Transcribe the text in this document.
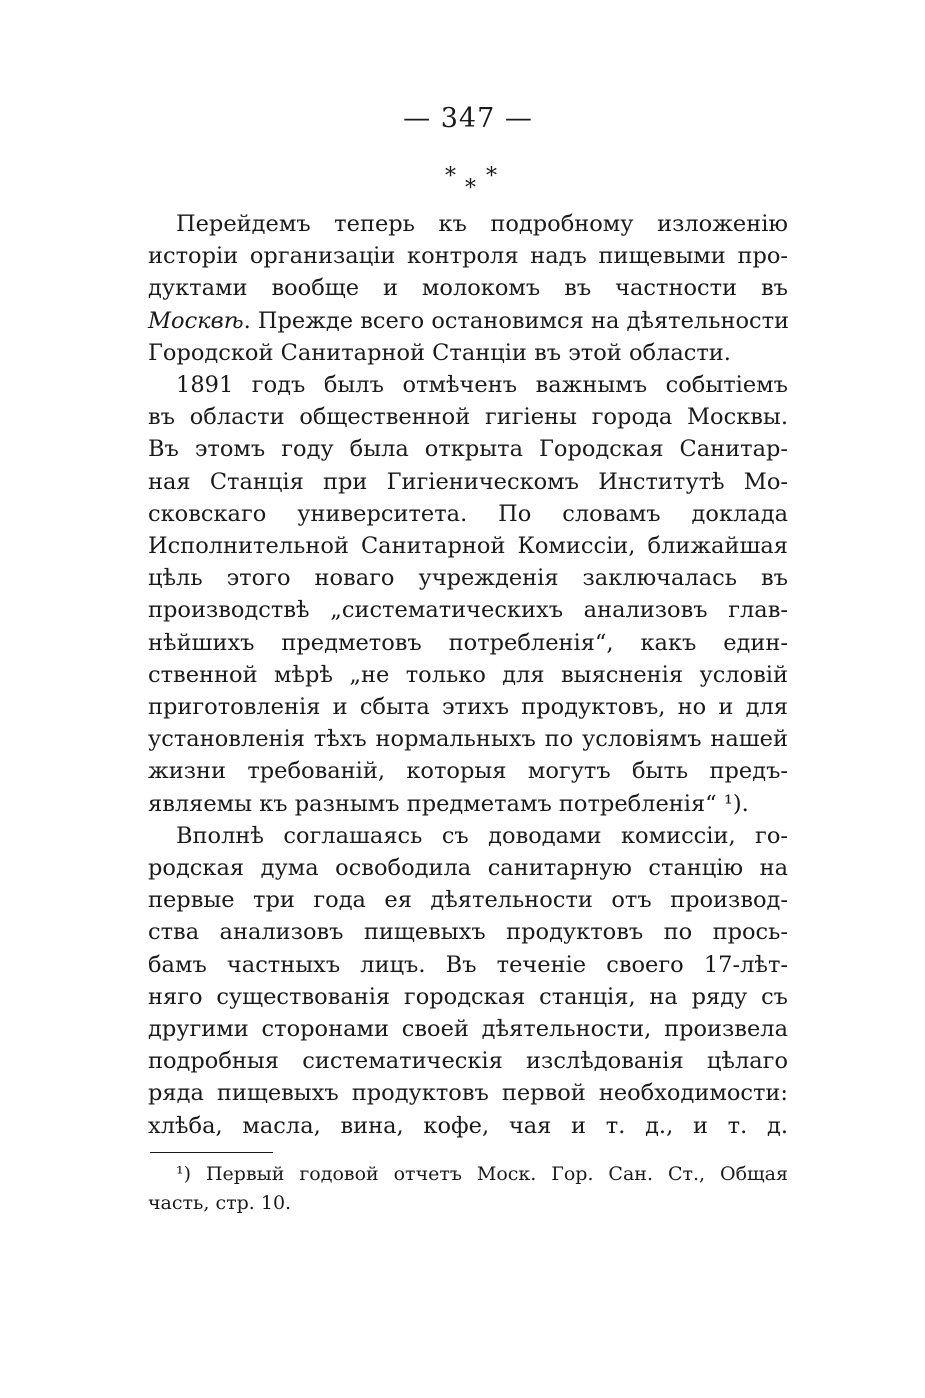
— 347 —
* *
*
Перейдемъ теперь къ подробному изложенію
исторіи организаціи контроля надъ пищевыми про-
дуктами вообще и молокомъ въ частности въ
Москвѣ. Прежде всего остановимся на дѣятельности
Городской Санитарной Станціи въ этой области.
1891 годъ былъ отмѣченъ важнымъ событіемъ
въ области общественной гигіены города Москвы.
Въ этомъ году была открыта Городская Санитар-
ная Станція при Гигіеническомъ Институтѣ Мо-
сковскаго университета. По словамъ доклада
Исполнительной Санитарной Комиссіи, ближайшая
цѣль этого новаго учрежденія заключалась въ
производствѣ „систематическихъ анализовъ глав-
нѣйшихъ предметовъ потребленія“, какъ един-
ственной мѣрѣ „не только для выясненія условій
приготовленія и сбыта этихъ продуктовъ, но и для
установленія тѣхъ нормальныхъ по условіямъ нашей
жизни требованій, которыя могутъ быть предъ-
являемы къ разнымъ предметамъ потребленія“ ¹).
Вполнѣ соглашаясь съ доводами комиссіи, го-
родская дума освободила санитарную станцію на
первые три года ея дѣятельности отъ производ-
ства анализовъ пищевыхъ продуктовъ по прось-
бамъ частныхъ лицъ. Въ теченіе своего 17-лѣт-
няго существованія городская станція, на ряду съ
другими сторонами своей дѣятельности, произвела
подробныя систематическія изслѣдованія цѣлаго
ряда пищевыхъ продуктовъ первой необходимости:
хлѣба, масла, вина, кофе, чая и т. д., и т. д.
¹) Первый годовой отчетъ Моск. Гор. Сан. Ст., Общая
часть, стр. 10.
